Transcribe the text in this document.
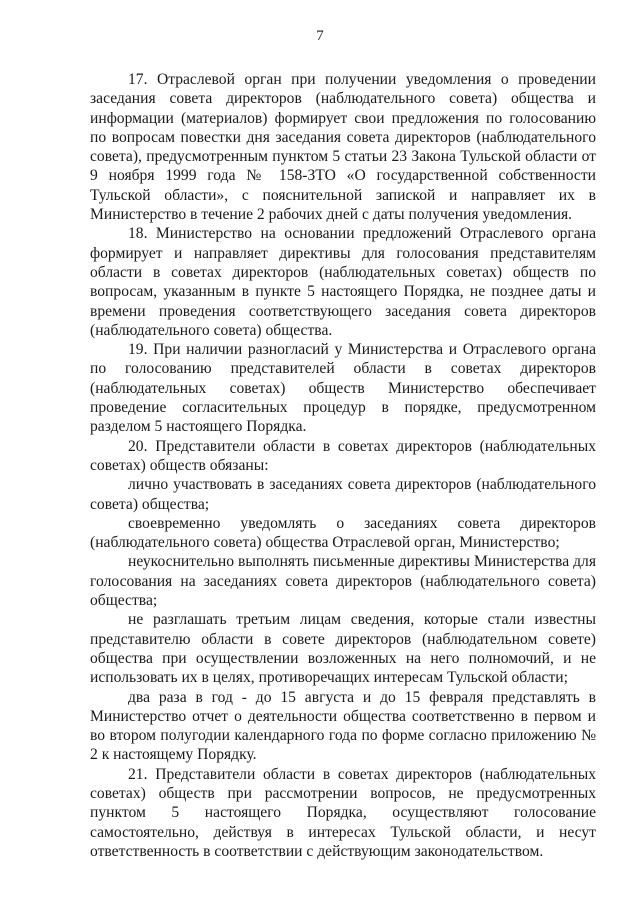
7

17. Отраслевой орган при получении уведомления о проведении заседания совета директоров (наблюдательного совета) общества и информации (материалов) формирует свои предложения по голосованию по вопросам повестки дня заседания совета директоров (наблюдательного совета), предусмотренным пунктом 5 статьи 23 Закона Тульской области от 9 ноября 1999 года № 158-ЗТО «О государственной собственности Тульской области», с пояснительной запиской и направляет их в Министерство в течение 2 рабочих дней с даты получения уведомления.

18. Министерство на основании предложений Отраслевого органа формирует и направляет директивы для голосования представителям области в советах директоров (наблюдательных советах) обществ по вопросам, указанным в пункте 5 настоящего Порядка, не позднее даты и времени проведения соответствующего заседания совета директоров (наблюдательного совета) общества.

19. При наличии разногласий у Министерства и Отраслевого органа по голосованию представителей области в советах директоров (наблюдательных советах) обществ Министерство обеспечивает проведение согласительных процедур в порядке, предусмотренном разделом 5 настоящего Порядка.

20. Представители области в советах директоров (наблюдательных советах) обществ обязаны:

лично участвовать в заседаниях совета директоров (наблюдательного совета) общества;

своевременно уведомлять о заседаниях совета директоров (наблюдательного совета) общества Отраслевой орган, Министерство;

неукоснительно выполнять письменные директивы Министерства для голосования на заседаниях совета директоров (наблюдательного совета) общества;

не разглашать третьим лицам сведения, которые стали известны представителю области в совете директоров (наблюдательном совете) общества при осуществлении возложенных на него полномочий, и не использовать их в целях, противоречащих интересам Тульской области;

два раза в год - до 15 августа и до 15 февраля представлять в Министерство отчет о деятельности общества соответственно в первом и во втором полугодии календарного года по форме согласно приложению № 2 к настоящему Порядку.

21. Представители области в советах директоров (наблюдательных советах) обществ при рассмотрении вопросов, не предусмотренных пунктом 5 настоящего Порядка, осуществляют голосование самостоятельно, действуя в интересах Тульской области, и несут ответственность в соответствии с действующим законодательством.
